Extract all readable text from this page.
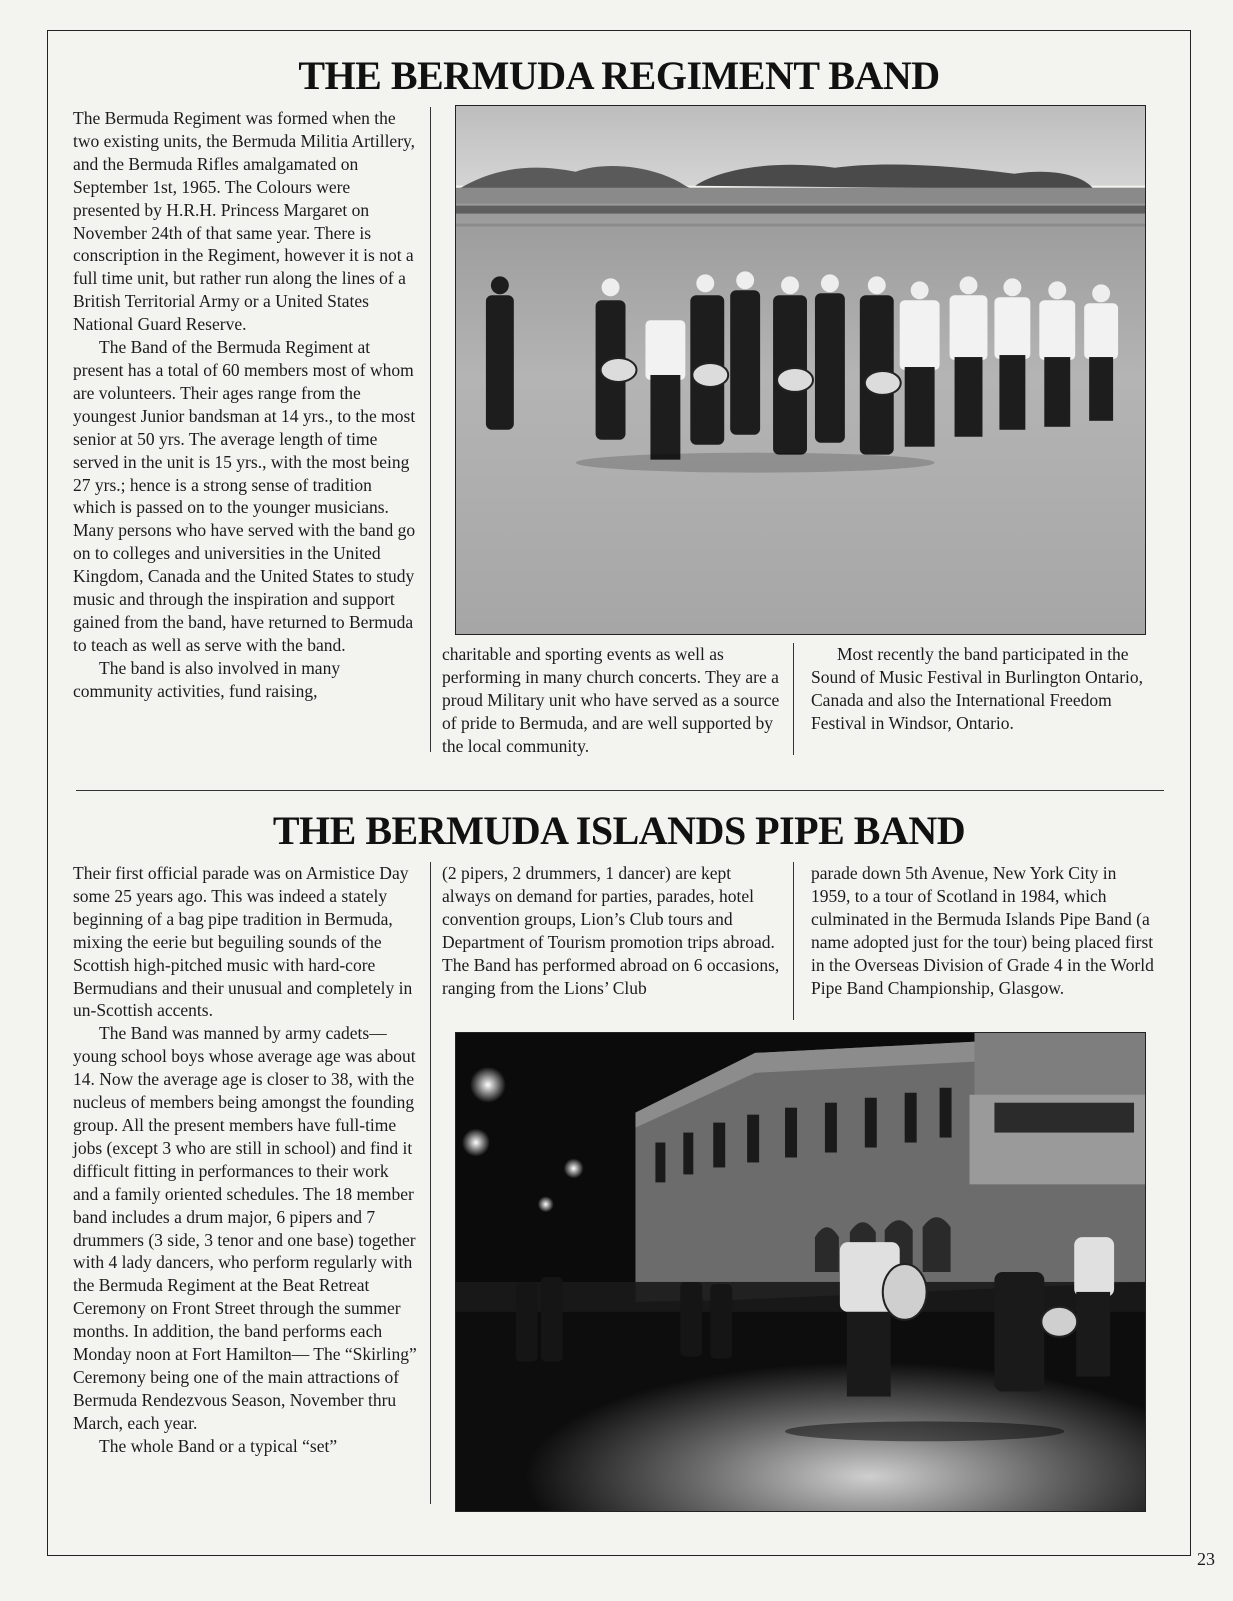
THE BERMUDA REGIMENT BAND

The Bermuda Regiment was formed when the two existing units, the Bermuda Militia Artillery, and the Bermuda Rifles amalgamated on September 1st, 1965. The Colours were presented by H.R.H. Princess Margaret on November 24th of that same year. There is conscription in the Regiment, however it is not a full time unit, but rather run along the lines of a British Territorial Army or a United States National Guard Reserve.

The Band of the Bermuda Regiment at present has a total of 60 members most of whom are volunteers. Their ages range from the youngest Junior bandsman at 14 yrs., to the most senior at 50 yrs. The average length of time served in the unit is 15 yrs., with the most being 27 yrs.; hence is a strong sense of tradition which is passed on to the younger musicians. Many persons who have served with the band go on to colleges and universities in the United Kingdom, Canada and the United States to study music and through the inspiration and support gained from the band, have returned to Bermuda to teach as well as serve with the band.

The band is also involved in many community activities, fund raising,

charitable and sporting events as well as performing in many church concerts. They are a proud Military unit who have served as a source of pride to Bermuda, and are well supported by the local community.

Most recently the band participated in the Sound of Music Festival in Burlington Ontario, Canada and also the International Freedom Festival in Windsor, Ontario.

THE BERMUDA ISLANDS PIPE BAND

Their first official parade was on Armistice Day some 25 years ago. This was indeed a stately beginning of a bag pipe tradition in Bermuda, mixing the eerie but beguiling sounds of the Scottish high-pitched music with hard-core Bermudians and their unusual and completely in un-Scottish accents.

The Band was manned by army cadets— young school boys whose average age was about 14. Now the average age is closer to 38, with the nucleus of members being amongst the founding group. All the present members have full-time jobs (except 3 who are still in school) and find it difficult fitting in performances to their work and a family oriented schedules. The 18 member band includes a drum major, 6 pipers and 7 drummers (3 side, 3 tenor and one base) together with 4 lady dancers, who perform regularly with the Bermuda Regiment at the Beat Retreat Ceremony on Front Street through the summer months. In addition, the band performs each Monday noon at Fort Hamilton— The “Skirling” Ceremony being one of the main attractions of Bermuda Rendezvous Season, November thru March, each year.

The whole Band or a typical “set”

(2 pipers, 2 drummers, 1 dancer) are kept always on demand for parties, parades, hotel convention groups, Lion’s Club tours and Department of Tourism promotion trips abroad. The Band has performed abroad on 6 occasions, ranging from the Lions’ Club

parade down 5th Avenue, New York City in 1959, to a tour of Scotland in 1984, which culminated in the Bermuda Islands Pipe Band (a name adopted just for the tour) being placed first in the Overseas Division of Grade 4 in the World Pipe Band Championship, Glasgow.

23
